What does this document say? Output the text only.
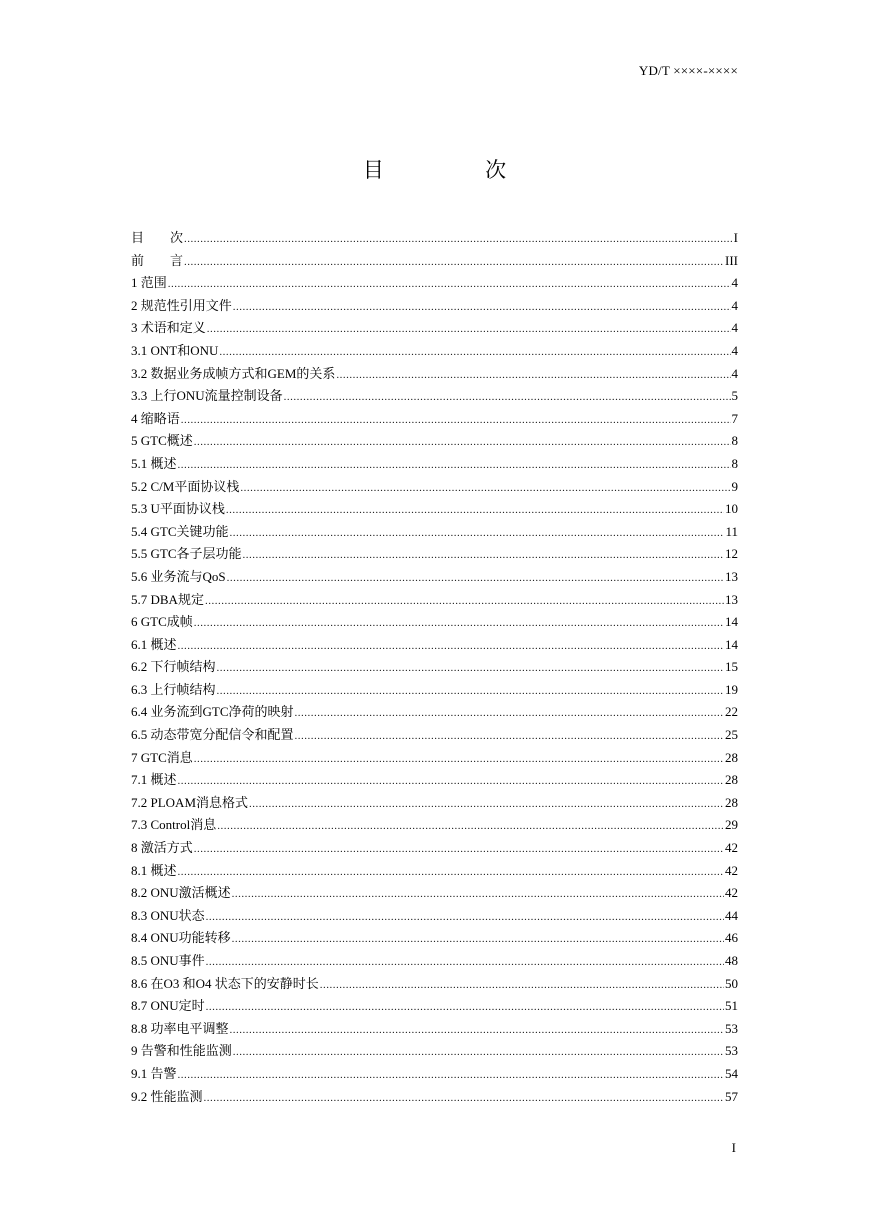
YD/T ××××-××××
目 次
目　　次 .....	I
前　　言 .....	III
1 范围 .....	4
2 规范性引用文件 .....	4
3 术语和定义 .....	4
3.1 ONT和ONU .....	4
3.2 数据业务成帧方式和GEM的关系 .....	4
3.3 上行ONU流量控制设备 .....	5
4 缩略语 .....	7
5 GTC概述 .....	8
5.1 概述 .....	8
5.2 C/M平面协议栈 .....	9
5.3 U平面协议栈 .....	10
5.4 GTC关键功能 .....	11
5.5 GTC各子层功能 .....	12
5.6 业务流与QoS .....	13
5.7 DBA规定 .....	13
6 GTC成帧 .....	14
6.1 概述 .....	14
6.2 下行帧结构 .....	15
6.3 上行帧结构 .....	19
6.4 业务流到GTC净荷的映射 .....	22
6.5 动态带宽分配信令和配置 .....	25
7 GTC消息 .....	28
7.1 概述 .....	28
7.2 PLOAM消息格式 .....	28
7.3 Control消息 .....	29
8 激活方式 .....	42
8.1 概述 .....	42
8.2 ONU激活概述 .....	42
8.3 ONU状态 .....	44
8.4 ONU功能转移 .....	46
8.5 ONU事件 .....	48
8.6 在O3 和O4 状态下的安静时长 .....	50
8.7 ONU定时 .....	51
8.8 功率电平调整 .....	53
9 告警和性能监测 .....	53
9.1 告警 .....	54
9.2 性能监测 .....	57
I
